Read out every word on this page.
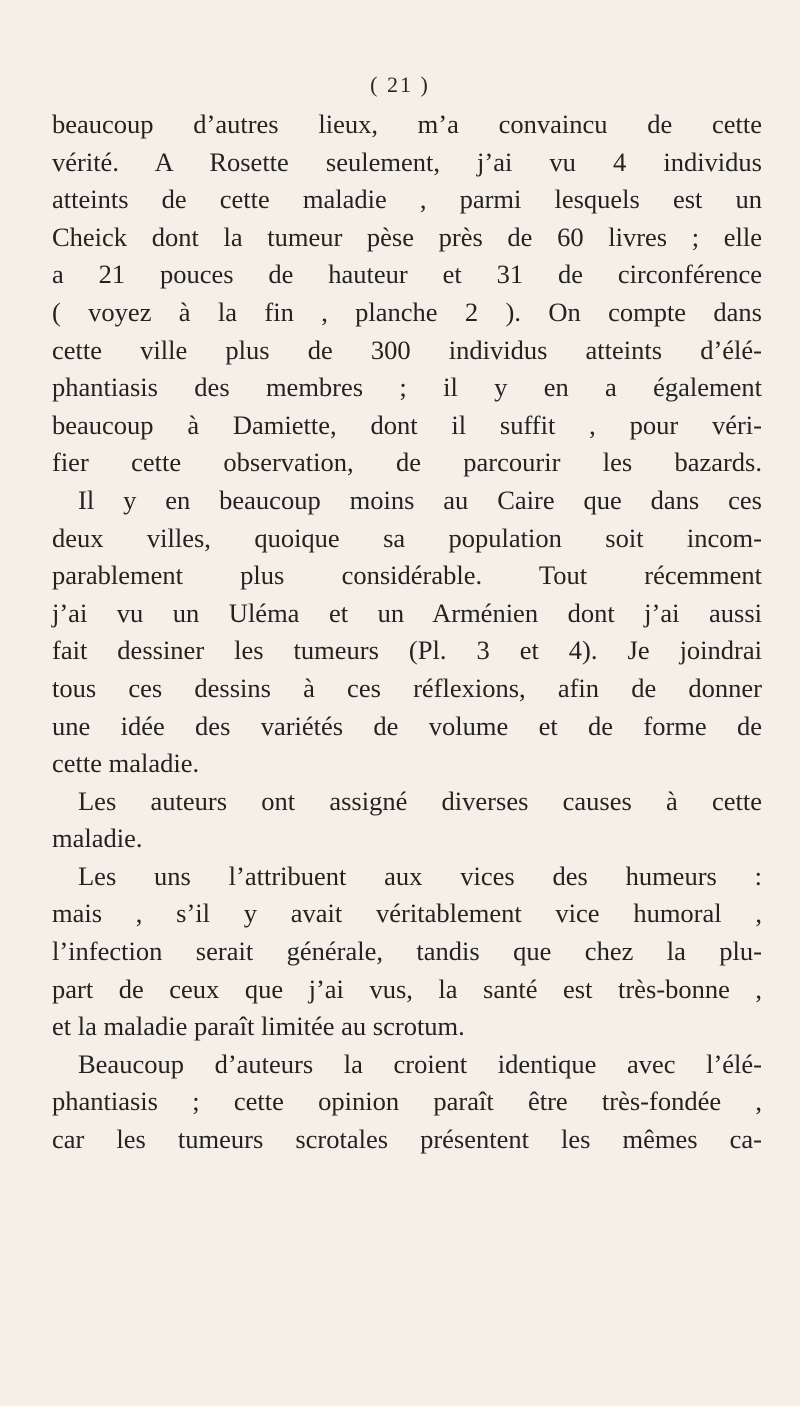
( 21 )
beaucoup d’autres lieux, m’a convaincu de cette
vérité. A Rosette seulement, j’ai vu 4 individus
atteints de cette maladie , parmi lesquels est un
Cheick dont la tumeur pèse près de 60 livres ; elle
a 21 pouces de hauteur et 31 de circonférence
( voyez à la fin , planche 2 ). On compte dans
cette ville plus de 300 individus atteints d’élé-
phantiasis des membres ; il y en a également
beaucoup à Damiette, dont il suffit , pour véri-
fier cette observation, de parcourir les bazards.
Il y en beaucoup moins au Caire que dans ces
deux villes, quoique sa population soit incom-
parablement plus considérable. Tout récemment
j’ai vu un Uléma et un Arménien dont j’ai aussi
fait dessiner les tumeurs (Pl. 3 et 4). Je joindrai
tous ces dessins à ces réflexions, afin de donner
une idée des variétés de volume et de forme de
cette maladie.
Les auteurs ont assigné diverses causes à cette
maladie.
Les uns l’attribuent aux vices des humeurs :
mais , s’il y avait véritablement vice humoral ,
l’infection serait générale, tandis que chez la plu-
part de ceux que j’ai vus, la santé est très-bonne ,
et la maladie paraît limitée au scrotum.
Beaucoup d’auteurs la croient identique avec l’élé-
phantiasis ; cette opinion paraît être très-fondée ,
car les tumeurs scrotales présentent les mêmes ca-
